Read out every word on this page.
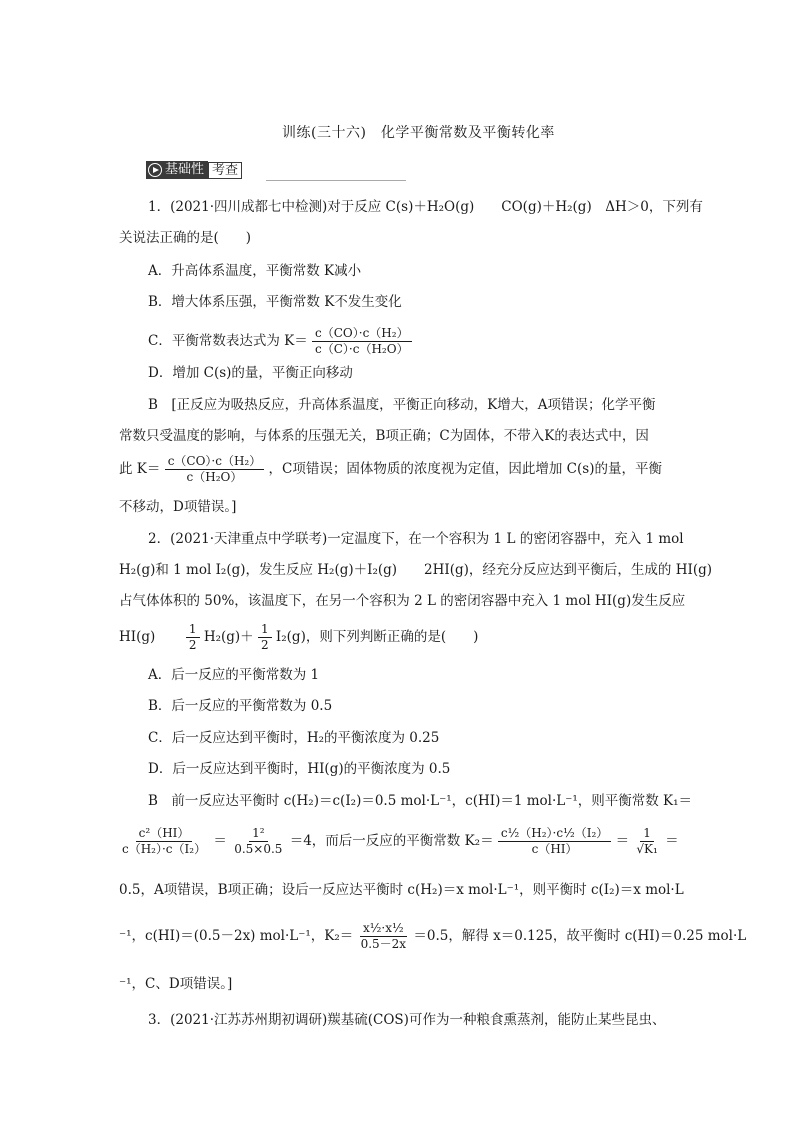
训练(三十六)　化学平衡常数及平衡转化率
基础性 考查
1．(2021·四川成都七中检测)对于反应 C(s)＋H₂O(g)　　CO(g)＋H₂(g)　ΔH＞0，下列有
关说法正确的是(　　)
A．升高体系温度，平衡常数 K减小
B．增大体系压强，平衡常数 K不发生变化
C．平衡常数表达式为 $K= \frac{\text{c（CO）·c（H₂）}}{\text{c（C）·c（H₂O）}}$
D．增加 C(s)的量，平衡正向移动
B　[正反应为吸热反应，升高体系温度，平衡正向移动，K增大，A项错误；化学平衡
常数只受温度的影响，与体系的压强无关，B项正确；C为固体，不带入K的表达式中，因
此 $K= \frac{\text{c（CO）·c（H₂）}}{\text{c（H₂O）}}$ ，C项错误；固体物质的浓度视为定值，因此增加 C(s)的量，平衡
不移动，D项错误。]
2．(2021·天津重点中学联考)一定温度下，在一个容积为 1 L 的密闭容器中，充入 1 mol
H₂(g)和 1 mol I₂(g)，发生反应 H₂(g)＋I₂(g)　　2HI(g)，经充分反应达到平衡后，生成的 HI(g)
占气体体积的 50%，该温度下，在另一个容积为 2 L 的密闭容器中充入 1 mol HI(g)发生反应
HI(g)	$\frac{1}{2} H_2(g)+ \frac{1}{2} I_2(g)$，则下列判断正确的是(　　)
A．后一反应的平衡常数为 1
B．后一反应的平衡常数为 0.5
C．后一反应达到平衡时，H₂的平衡浓度为 0.25
D．后一反应达到平衡时，HI(g)的平衡浓度为 0.5
B　前一反应达平衡时 c(H₂)＝c(I₂)＝0.5 mol·L⁻¹，c(HI)＝1 mol·L⁻¹，则平衡常数 K₁＝
$\frac{\text{c²（HI）}}{\text{c（H₂）·c（I₂）}} = \frac{\text{1²}}{0.5\times 0.5} =4$，而后一反应的平衡常数 $K_2= \frac{\text{c½（H₂）·c½（I₂）}}{c(HI)} = \frac{1}{\text{√K₁}}$ ＝
0.5，A项错误，B项正确；设后一反应达平衡时 c(H₂)＝x mol·L⁻¹，则平衡时 c(I₂)＝x mol·L
⁻¹，c(HI)＝(0.5－2x) mol·L⁻¹，$K_2= \frac{\text{x½·x½}}{0.5-2x} =0.5$，解得 x＝0.125，故平衡时 c(HI)＝0.25 mol·L
⁻¹，C、D项错误。]
3．(2021·江苏苏州期初调研)羰基硫(COS)可作为一种粮食熏蒸剂，能防止某些昆虫、
